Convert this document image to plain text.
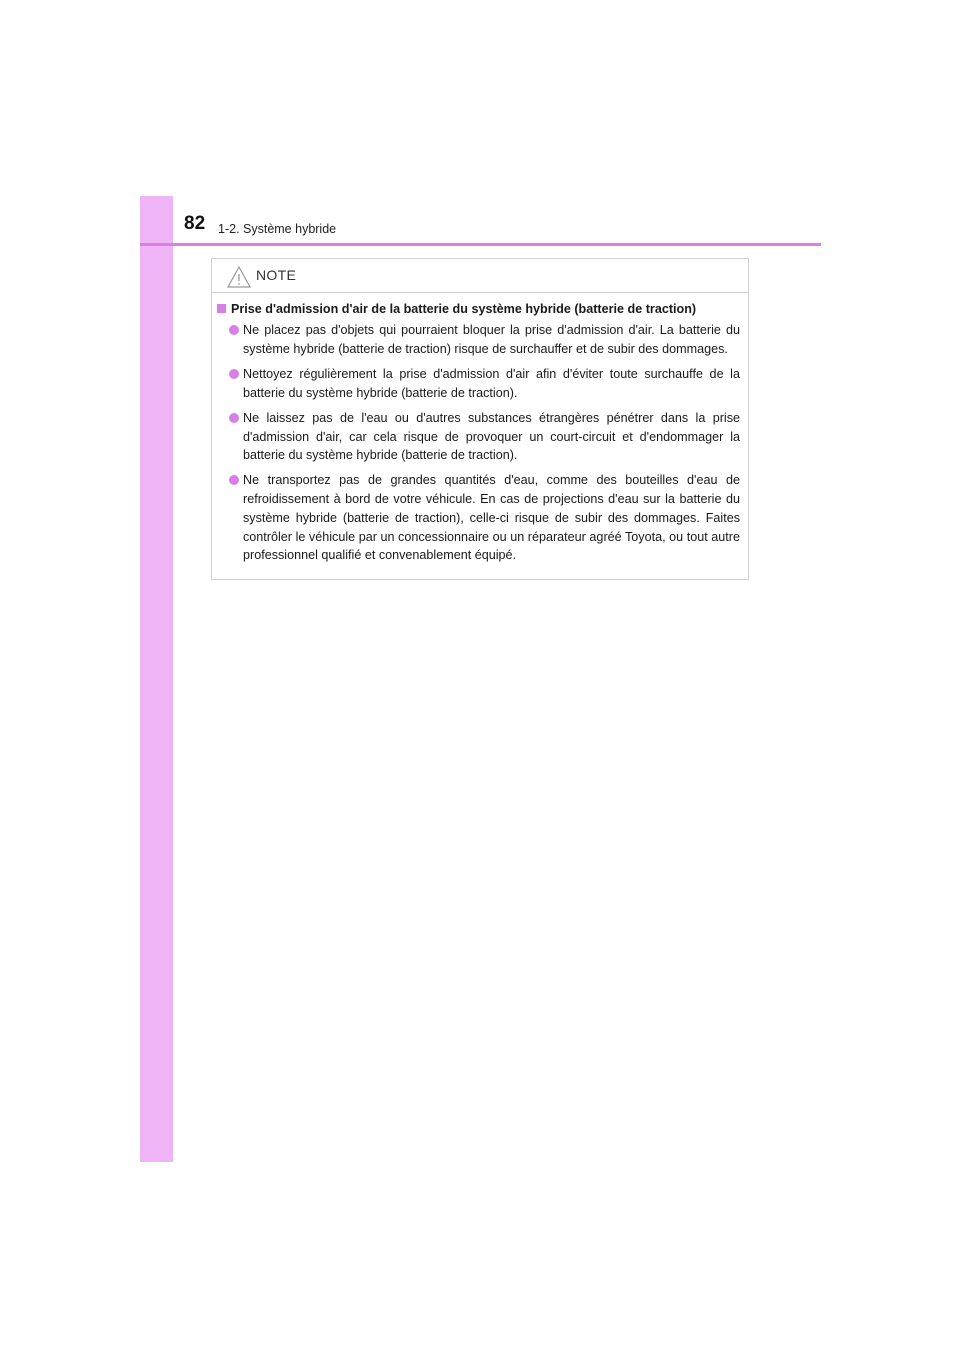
82 1-2. Système hybride
NOTE
Prise d'admission d'air de la batterie du système hybride (batterie de traction)
Ne placez pas d'objets qui pourraient bloquer la prise d'admission d'air. La batterie du système hybride (batterie de traction) risque de surchauffer et de subir des dommages.
Nettoyez régulièrement la prise d'admission d'air afin d'éviter toute surchauffe de la batterie du système hybride (batterie de traction).
Ne laissez pas de l'eau ou d'autres substances étrangères pénétrer dans la prise d'admission d'air, car cela risque de provoquer un court-circuit et d'endommager la batterie du système hybride (batterie de traction).
Ne transportez pas de grandes quantités d'eau, comme des bouteilles d'eau de refroidissement à bord de votre véhicule. En cas de projections d'eau sur la batterie du système hybride (batterie de traction), celle-ci risque de subir des dommages. Faites contrôler le véhicule par un concessionnaire ou un réparateur agréé Toyota, ou tout autre professionnel qualifié et convenablement équipé.
